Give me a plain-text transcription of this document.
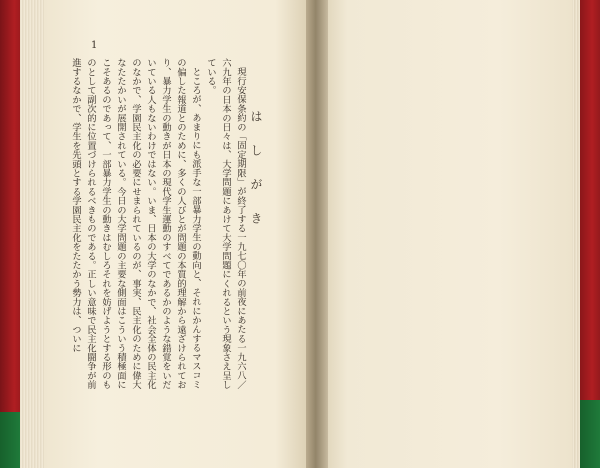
1
はしがき

現行安保条約の「固定期限」が終了する一九七〇年の前夜にあたる一九六八／六九年の日本の日々は、大学問題にあけて大学問題にくれるという現象さえ呈している。

ところが、あまりにも派手な一部暴力学生の動向と、それにかんするマスコミの偏した報道とのために、多くの人びとが問題の本質的理解から遠ざけられており、暴力学生の動きが日本の現代学生運動のすべてであるかのような錯覚をいだいている人もないわけではない。いま、日本の大学のなかで、社会全体の民主化のなかで、学園民主化の必要にせまられているのが、事実、民主化のために偉大なたたかいが展開されている。今日の大学問題の主要な側面はこういう積極面にこそあるのであって、一部暴力学生の動きはむしろそれを妨げようとする形のものとして副次的に位置づけられるべきものである。正しい意味で民主化闘争が前進するなかで、学生を先頭とする学園民主化をたたかう勢力は、ついに
